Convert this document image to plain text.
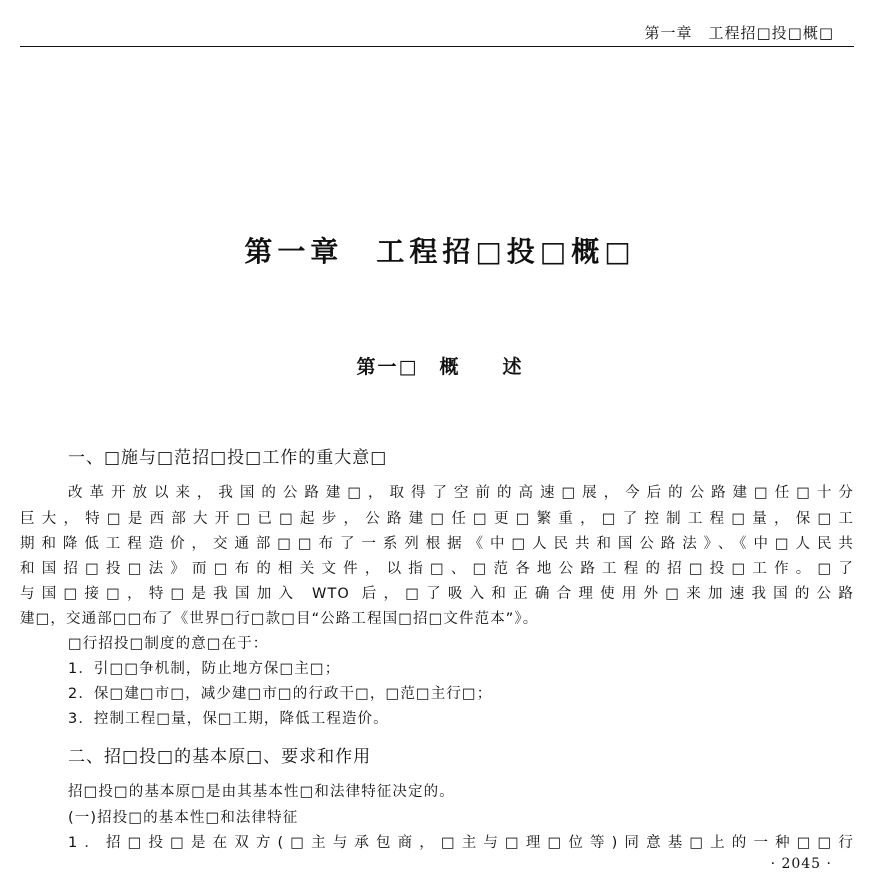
第一章　工程招□投□概□
第一章　工程招□投□概□
第一□　概　　述
一、□施与□范招□投□工作的重大意□
改革开放以来，我国的公路建□，取得了空前的高速□展，今后的公路建□任□十分
巨大，特□是西部大开□已□起步，公路建□任□更□繁重，□了控制工程□量，保□工
期和降低工程造价，交通部□□布了一系列根据《中□人民共和国公路法》、《中□人民共
和国招□投□法》而□布的相关文件，以指□、□范各地公路工程的招□投□工作。□了
与国□接□，特□是我国加入 WTO 后，□了吸入和正确合理使用外□来加速我国的公路
建□，交通部□□布了《世界□行□款□目“公路工程国□招□文件范本”》。
□行招投□制度的意□在于：
1．引□□争机制，防止地方保□主□；
2．保□建□市□，减少建□市□的行政干□，□范□主行□；
3．控制工程□量，保□工期，降低工程造价。
二、招□投□的基本原□、要求和作用
招□投□的基本原□是由其基本性□和法律特征决定的。
(一)招投□的基本性□和法律特征
1．招□投□是在双方(□主与承包商，□主与□理□位等)同意基□上的一种□□行
· 2045 ·
